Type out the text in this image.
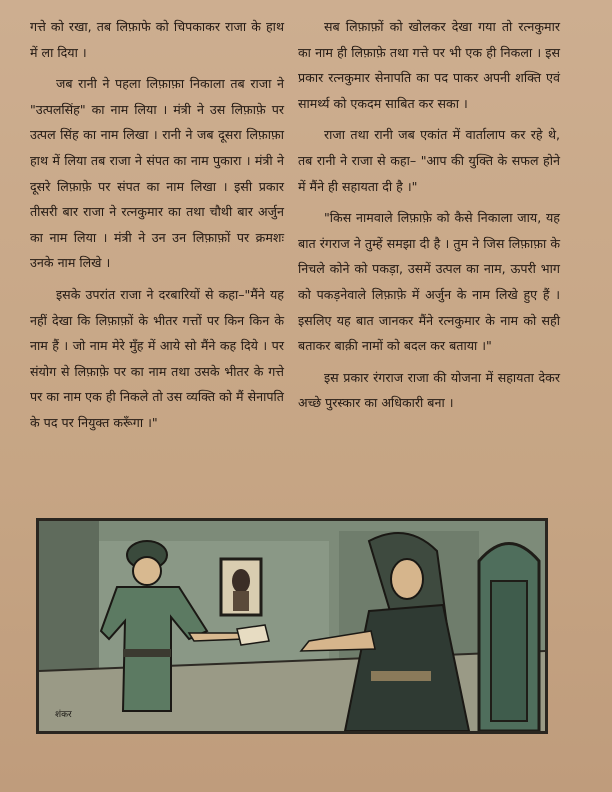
गत्ते को रखा, तब लिफ़ाफे को चिपकाकर राजा के हाथ में ला दिया ।

जब रानी ने पहला लिफ़ाफ़ा निकाला तब राजा ने "उत्पलसिंह" का नाम लिया । मंत्री ने उस लिफ़ाफ़े पर उत्पल सिंह का नाम लिखा । रानी ने जब दूसरा लिफ़ाफ़ा हाथ में लिया तब राजा ने संपत का नाम पुकारा । मंत्री ने दूसरे लिफ़ाफ़े पर संपत का नाम लिखा । इसी प्रकार तीसरी बार राजा ने रत्नकुमार का तथा चौथी बार अर्जुन का नाम लिया । मंत्री ने उन उन लिफ़ाफ़ों पर क्रमशः उनके नाम लिखे ।

इसके उपरांत राजा ने दरबारियों से कहा–"मैंने यह नहीं देखा कि लिफ़ाफ़ों के भीतर गत्तों पर किन किन के नाम हैं । जो नाम मेरे मुँह में आये सो मैंने कह दिये । पर संयोग से लिफ़ाफ़े पर का नाम तथा उसके भीतर के गत्ते पर का नाम एक ही निकले तो उस व्यक्ति को मैं सेनापति के पद पर नियुक्त करूँगा ।"

सब लिफ़ाफ़ों को खोलकर देखा गया तो रत्नकुमार का नाम ही लिफ़ाफ़े तथा गत्ते पर भी एक ही निकला । इस प्रकार रत्नकुमार सेनापति का पद पाकर अपनी शक्ति एवं सामर्थ्य को एकदम साबित कर सका ।

राजा तथा रानी जब एकांत में वार्तालाप कर रहे थे, तब रानी ने राजा से कहा– "आप की युक्ति के सफल होने में मैंने ही सहायता दी है ।"

"किस नामवाले लिफ़ाफ़े को कैसे निकाला जाय, यह बात रंगराज ने तुम्हें समझा दी है । तुम ने जिस लिफ़ाफ़ा के निचले कोने को पकड़ा, उसमें उत्पल का नाम, ऊपरी भाग को पकड़नेवाले लिफ़ाफ़े में अर्जुन के नाम लिखे हुए हैं । इसलिए यह बात जानकर मैंने रत्नकुमार के नाम को सही बताकर बाक़ी नामों को बदल कर बताया ।"

इस प्रकार रंगराज राजा की योजना में सहायता देकर अच्छे पुरस्कार का अधिकारी बना ।

शंकर
